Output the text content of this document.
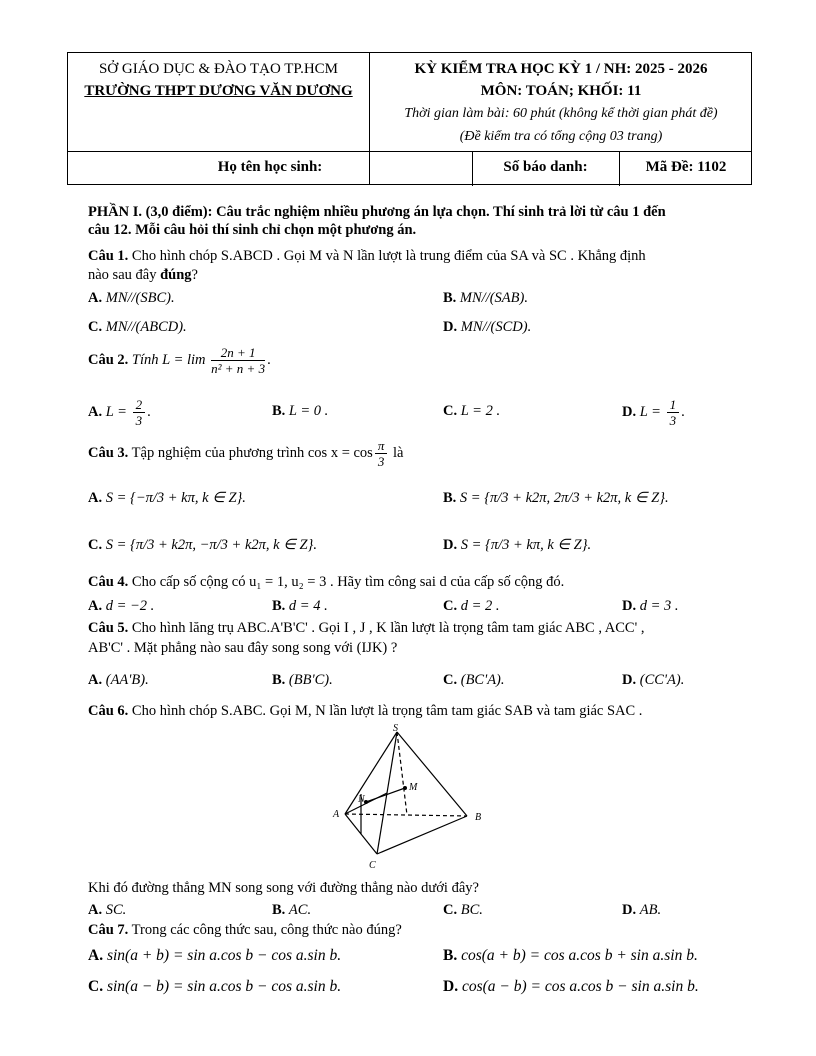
SỞ GIÁO DỤC & ĐÀO TẠO TP.HCM
TRƯỜNG THPT DƯƠNG VĂN DƯƠNG
KỲ KIỂM TRA HỌC KỲ 1 / NH: 2025 - 2026
MÔN: TOÁN; KHỐI: 11
Thời gian làm bài: 60 phút (không kể thời gian phát đề)
(Đề kiểm tra có tổng cộng 03 trang)
Họ tên học sinh:	Số báo danh:	Mã Đề: 1102
PHẦN I. (3,0 điểm): Câu trắc nghiệm nhiều phương án lựa chọn. Thí sinh trả lời từ câu 1 đến
câu 12. Mỗi câu hỏi thí sinh chỉ chọn một phương án.
Câu 1. Cho hình chóp S.ABCD . Gọi M và N lần lượt là trung điểm của SA và SC . Khẳng định
nào sau đây đúng?
A. MN//(SBC).	B. MN//(SAB).
C. MN//(ABCD).	D. MN//(SCD).
Câu 2. Tính $L = \lim \frac{2n + 1}{\text{n² + n + 3}}$ .
A. $L = \frac{2}{3}$ .	B. L = 0 .	C. L = 2 .	D. $L = \frac{1}{3}$ .
Câu 3. Tập nghiệm của phương trình $\cos x = \cos \frac{\pi}{3}$ là
A. S = {−π/3 + kπ, k ∈ Z}.	B. S = {π/3 + k2π, 2π/3 + k2π, k ∈ Z}.
C. S = {π/3 + k2π, −π/3 + k2π, k ∈ Z}.	D. S = {π/3 + kπ, k ∈ Z}.
Câu 4. Cho cấp số cộng có u₁ = 1, u₂ = 3 . Hãy tìm công sai d của cấp số cộng đó.
A. d = −2 .	B. d = 4 .	C. d = 2 .	D. d = 3 .
Câu 5. Cho hình lăng trụ ABC.A'B'C' . Gọi I , J , K lần lượt là trọng tâm tam giác ABC , ACC' ,
AB'C' . Mặt phẳng nào sau đây song song với (IJK) ?
A. (AA'B).	B. (BB'C).	C. (BC'A).	D. (CC'A).
Câu 6. Cho hình chóp S.ABC. Gọi M, N lần lượt là trọng tâm tam giác SAB và tam giác SAC .
S
A	B
C
M
N
Khi đó đường thẳng MN song song với đường thẳng nào dưới đây?
A. SC.	B. AC.	C. BC.	D. AB.
Câu 7. Trong các công thức sau, công thức nào đúng?
A. sin(a + b) = sin a.cos b − cos a.sin b.	B. cos(a + b) = cos a.cos b + sin a.sin b.
C. sin(a − b) = sin a.cos b − cos a.sin b.	D. cos(a − b) = cos a.cos b − sin a.sin b.
